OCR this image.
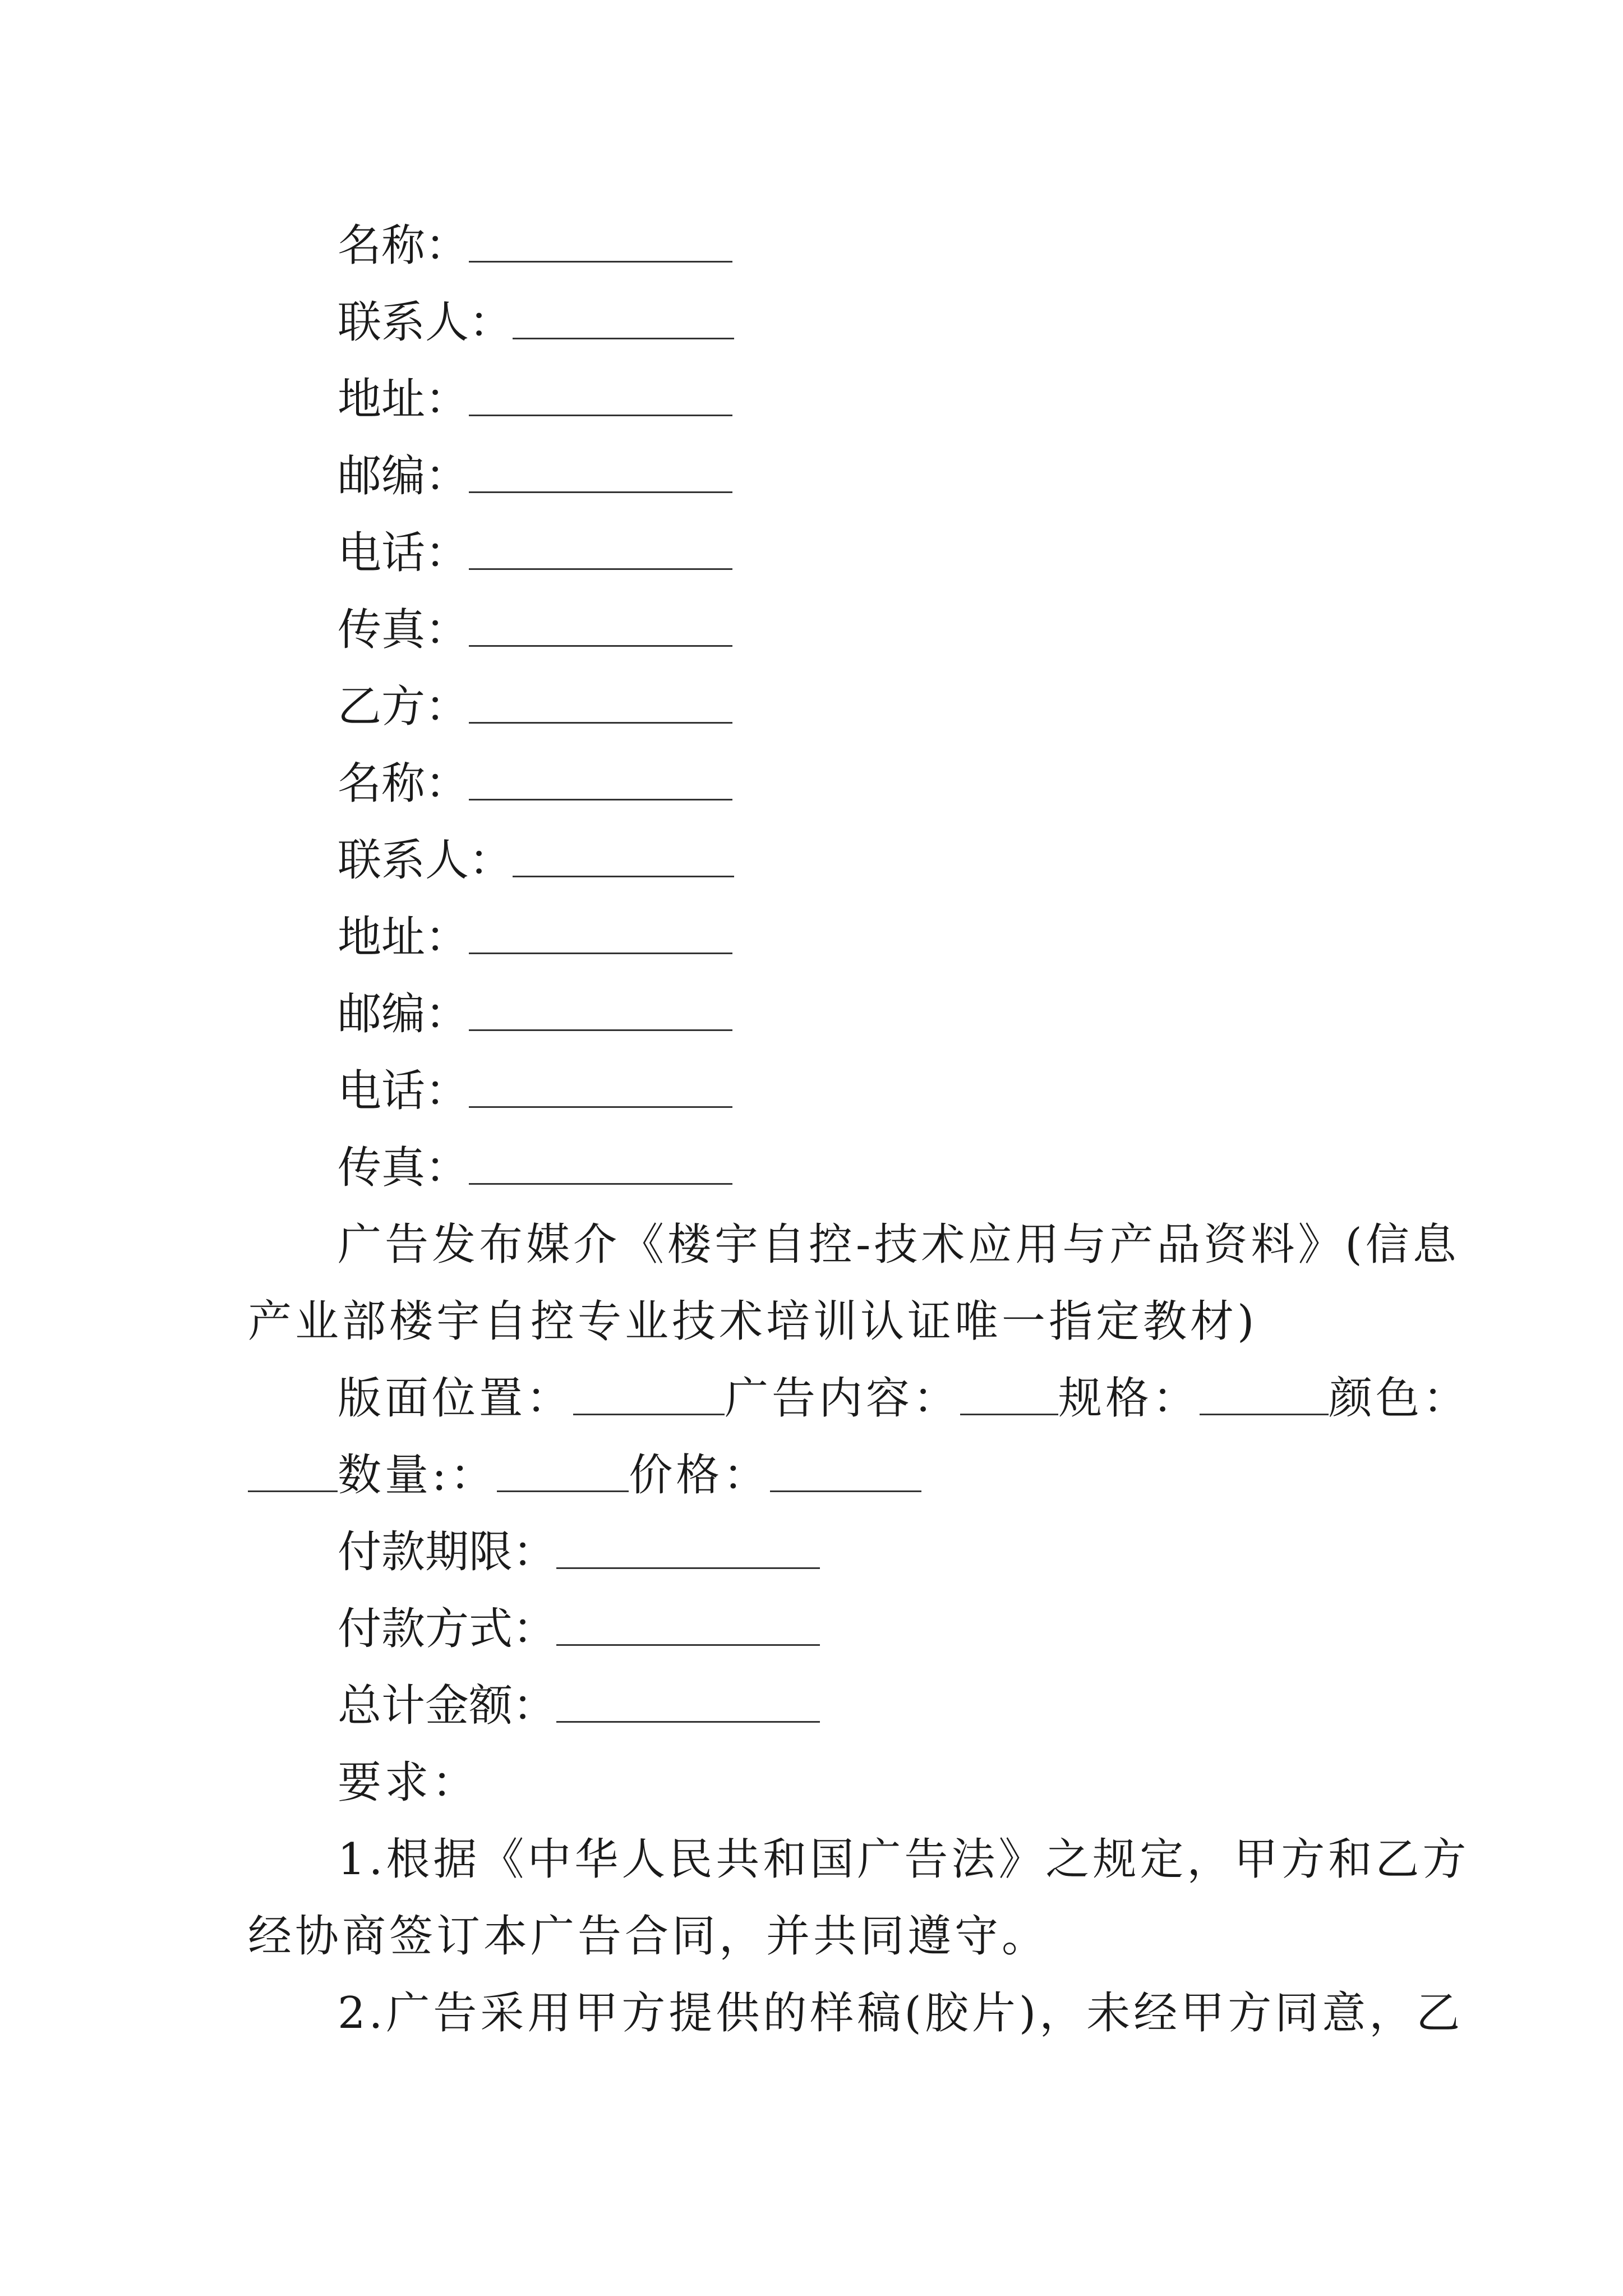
名称：
联系人：
地址：
邮编：
电话：
传真：
乙方：
名称：
联系人：
地址：
邮编：
电话：
传真：
广告发布媒介《楼宇自控-技术应用与产品资料》(信息
产业部楼宇自控专业技术培训认证唯一指定教材)
版面位置：	广告内容： 规格：	颜色：
数量:：	价格：
付款期限：
付款方式：
总计金额：
要求：
1.根据《中华人民共和国广告法》之规定，甲方和乙方
经协商签订本广告合同，并共同遵守。
2.广告采用甲方提供的样稿(胶片)，未经甲方同意，乙
